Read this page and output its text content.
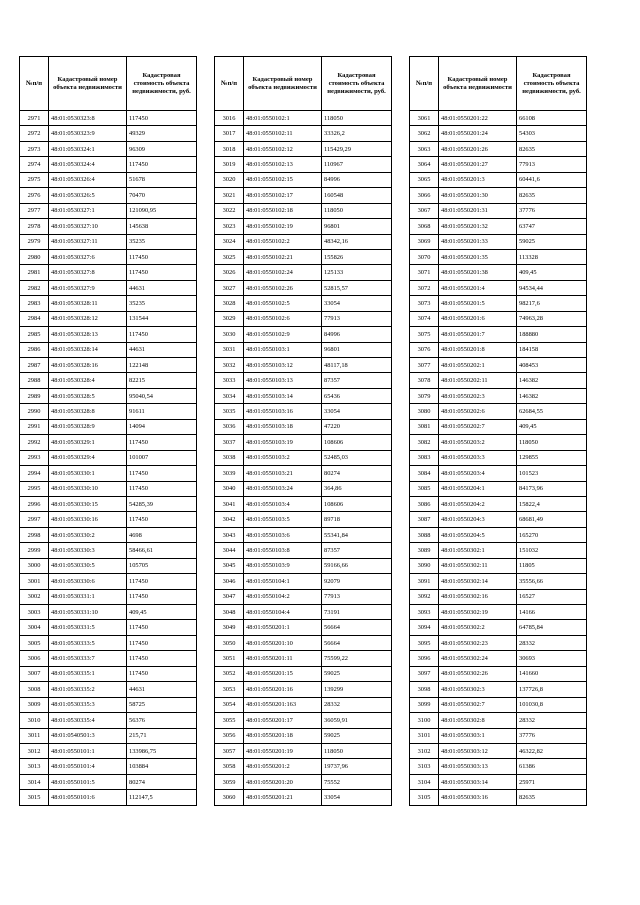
№п/п	Кадастровый номер объекта недвижимости	Кадастровая стоимость объекта недвижимости, руб.
2971	48:01:0530323:8	117450
2972	48:01:0530323:9	49329
2973	48:01:0530324:1	96309
2974	48:01:0530324:4	117450
2975	48:01:0530326:4	51678
2976	48:01:0530326:5	70470
2977	48:01:0530327:1	121090,95
2978	48:01:0530327:10	145638
2979	48:01:0530327:11	35235
2980	48:01:0530327:6	117450
2981	48:01:0530327:8	117450
2982	48:01:0530327:9	44631
2983	48:01:0530328:11	35235
2984	48:01:0530328:12	131544
2985	48:01:0530328:13	117450
2986	48:01:0530328:14	44631
2987	48:01:0530328:16	122148
2988	48:01:0530328:4	82215
2989	48:01:0530328:5	95040,54
2990	48:01:0530328:8	91611
2991	48:01:0530328:9	14094
2992	48:01:0530329:1	117450
2993	48:01:0530329:4	101007
2994	48:01:0530330:1	117450
2995	48:01:0530330:10	117450
2996	48:01:0530330:15	54285,39
2997	48:01:0530330:16	117450
2998	48:01:0530330:2	4698
2999	48:01:0530330:3	58466,61
3000	48:01:0530330:5	105705
3001	48:01:0530330:6	117450
3002	48:01:0530331:1	117450
3003	48:01:0530331:10	409,45
3004	48:01:0530331:5	117450
3005	48:01:0530333:5	117450
3006	48:01:0530333:7	117450
3007	48:01:0530335:1	117450
3008	48:01:0530335:2	44631
3009	48:01:0530335:3	58725
3010	48:01:0530335:4	56376
3011	48:01:0540501:3	215,71
3012	48:01:0550101:1	133986,75
3013	48:01:0550101:4	103884
3014	48:01:0550101:5	80274
3015	48:01:0550101:6	112147,5
№п/п	Кадастровый номер объекта недвижимости	Кадастровая стоимость объекта недвижимости, руб.
3016	48:01:0550102:1	118050
3017	48:01:0550102:11	33326,2
3018	48:01:0550102:12	115429,29
3019	48:01:0550102:13	110967
3020	48:01:0550102:15	84996
3021	48:01:0550102:17	160548
3022	48:01:0550102:18	118050
3023	48:01:0550102:19	96801
3024	48:01:0550102:2	48342,16
3025	48:01:0550102:21	155826
3026	48:01:0550102:24	125133
3027	48:01:0550102:26	52815,57
3028	48:01:0550102:5	33054
3029	48:01:0550102:6	77913
3030	48:01:0550102:9	84996
3031	48:01:0550103:1	96801
3032	48:01:0550103:12	48117,18
3033	48:01:0550103:13	87357
3034	48:01:0550103:14	65436
3035	48:01:0550103:16	33054
3036	48:01:0550103:18	47220
3037	48:01:0550103:19	108606
3038	48:01:0550103:2	52485,03
3039	48:01:0550103:21	80274
3040	48:01:0550103:24	364,86
3041	48:01:0550103:4	108606
3042	48:01:0550103:5	89718
3043	48:01:0550103:6	55341,84
3044	48:01:0550103:8	87357
3045	48:01:0550103:9	59166,66
3046	48:01:0550104:1	92079
3047	48:01:0550104:2	77913
3048	48:01:0550104:4	73191
3049	48:01:0550201:1	56664
3050	48:01:0550201:10	56664
3051	48:01:0550201:11	75599,22
3052	48:01:0550201:15	59025
3053	48:01:0550201:16	139299
3054	48:01:0550201:163	28332
3055	48:01:0550201:17	36059,91
3056	48:01:0550201:18	59025
3057	48:01:0550201:19	118050
3058	48:01:0550201:2	19737,96
3059	48:01:0550201:20	75552
3060	48:01:0550201:21	33054
№п/п	Кадастровый номер объекта недвижимости	Кадастровая стоимость объекта недвижимости, руб.
3061	48:01:0550201:22	66108
3062	48:01:0550201:24	54303
3063	48:01:0550201:26	82635
3064	48:01:0550201:27	77913
3065	48:01:0550201:3	60441,6
3066	48:01:0550201:30	82635
3067	48:01:0550201:31	37776
3068	48:01:0550201:32	63747
3069	48:01:0550201:33	59025
3070	48:01:0550201:35	113328
3071	48:01:0550201:38	409,45
3072	48:01:0550201:4	94534,44
3073	48:01:0550201:5	98217,6
3074	48:01:0550201:6	74963,28
3075	48:01:0550201:7	188880
3076	48:01:0550201:8	184158
3077	48:01:0550202:1	408453
3078	48:01:0550202:11	146382
3079	48:01:0550202:3	146382
3080	48:01:0550202:6	62684,55
3081	48:01:0550202:7	409,45
3082	48:01:0550203:2	118050
3083	48:01:0550203:3	129855
3084	48:01:0550203:4	101523
3085	48:01:0550204:1	84173,96
3086	48:01:0550204:2	15822,4
3087	48:01:0550204:3	68681,49
3088	48:01:0550204:5	165270
3089	48:01:0550302:1	151032
3090	48:01:0550302:11	11805
3091	48:01:0550302:14	35556,66
3092	48:01:0550302:16	16527
3093	48:01:0550302:19	14166
3094	48:01:0550302:2	64785,84
3095	48:01:0550302:23	28332
3096	48:01:0550302:24	30693
3097	48:01:0550302:26	141660
3098	48:01:0550302:3	137726,8
3099	48:01:0550302:7	101030,8
3100	48:01:0550302:8	28332
3101	48:01:0550303:1	37776
3102	48:01:0550303:12	46322,82
3103	48:01:0550303:13	61386
3104	48:01:0550303:14	25971
3105	48:01:0550303:16	82635
